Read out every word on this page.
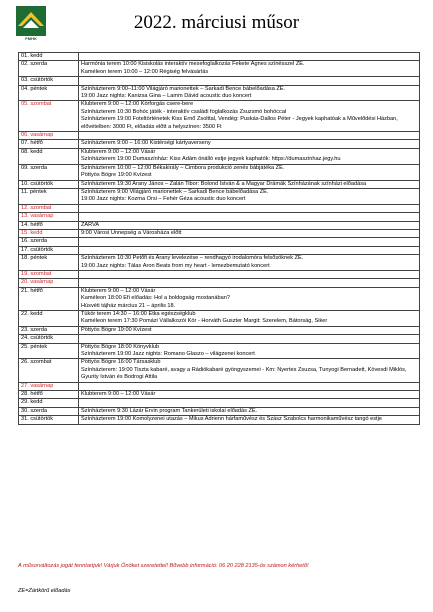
PMHK
2022. márciusi műsor
01. kedd	

02. szerda	Harmónia terem 10:00 Kisiskolás interaktív mesefoglalkozás Fekete Ágnes színésszel ZE.
Kaméleon terem 10:00 – 12:00 Régiség felvásárlás

03. csütörtök	

04. péntek	Színházterem 9:00–11:00 Világjáró marionettek – Sarkadi Bence bábelőadása ZE.
19:00 Jazz nights: Kanizsa Gina – Lamm Dávid acoustic duo koncert

05. szombat	Klubterem 9:00 – 12:00 Körforgás csere-bere
Színházterem 10:30 Bohóc játék - interaktív családi foglalkozás Zsuzsmó bohóccal
Színházterem 19:00 Foteltörténetek Kiss Ernő Zsolttal, Vendég: Puskás-Dallos Péter - Jegyek kaphatóak a Művelődési Házban, elővételben: 3000 Ft, előadás előtt a helyszínen: 3500 Ft

06. vasárnap	

07. hétfő	Színházterem 9:00 – 16:00 Kistérségi kártyaverseny

08. kedd	Klubterem 9:00 – 12:00 Vásár
Színházterem 19:00 Dumaszínház: Kiss Ádám önálló estje jegyek kaphatók: https://dumaszinhaz.jegy.hu

09. szerda	Színházterem 10:00 – 12:00 Békakirály – Cimbora produkció zenés bábjátéka ZE.
Pöttyös Bögre 19:00 Kvízest

10. csütörtök	Színházterem 19:30 Arany János – Zalán Tibor: Bolond István & a Magyar Drámák Színházának színházi előadása

11. péntek	Színházterem 9:00 Világjáró marionettek – Sarkadi Bence bábelőadása ZE.
19:00 Jazz nights: Kozma Orsi – Fehér Géza acoustic duo koncert

12. szombat	

13. vasárnap	

14. hétfő	ZÁRVA

15. kedd	9:00 Városi Ünnepség a Városháza előtt

16. szerda	

17. csütörtök	

18. péntek	Színházterem 10:30 Petőfi és Arany levelezése – rendhagyó irodalomóra felsősöknek ZE.
19:00 Jazz nights: Tálas Áron Beats from my heart - lemezbemutató koncert

19. szombat	

20. vasárnap	

21. hétfő	Klubterem 9:00 – 12:00 Vásár
Kaméleon 18:00 Efi előadás: Hol a boldogság mostanában?
Húsvéti tájház március 21 – április 18.

22. kedd	Tükör terem 14:30 – 16:00 Etka egészségklub
Kaméleon terem 17:30 Pomázi Vállalkozói Kör - Horváth Guszter Margit: Szerelem, Bátorság, Siker

23. szerda	Pöttyös Bögre 19:00 Kvízest

24. csütörtök	

25. péntek	Pöttyös Bögre 18:00 Könyvklub
Színházterem 19:00 Jazz nights: Romano Glaszo – világzenei koncert

26. szombat	Pöttyös Bögre 16:00 Társasklub
Színházterem: 19:00 Tiszta kabaré, avagy a Rádiókabaré gyöngyszemei - Km: Nyertes Zsuzsa, Tunyogi Bernadett, Kövesdi Miklós, Gyurity István és Bodrogi Attila

27. vasárnap	

28. hétfő	Klubterem 9:00 – 12:00 Vásár

29. kedd	

30. szerda	Színházterem 9:30 Lázár Ervin program Tankerületi iskolai előadás ZE.

31. csütörtök	Színházterem 19:00 Komolyzenei utazás – Mikus Adrienn hárfaművész és Szász Szabolcs harmonikaművész tangó estje
A műsorváltozás jogát fenntartjuk! Várjuk Önöket szeretettel! Bővebb információ: 06 20 228 2135-ös számon kérhető!
ZE=Zártkörű előadás
